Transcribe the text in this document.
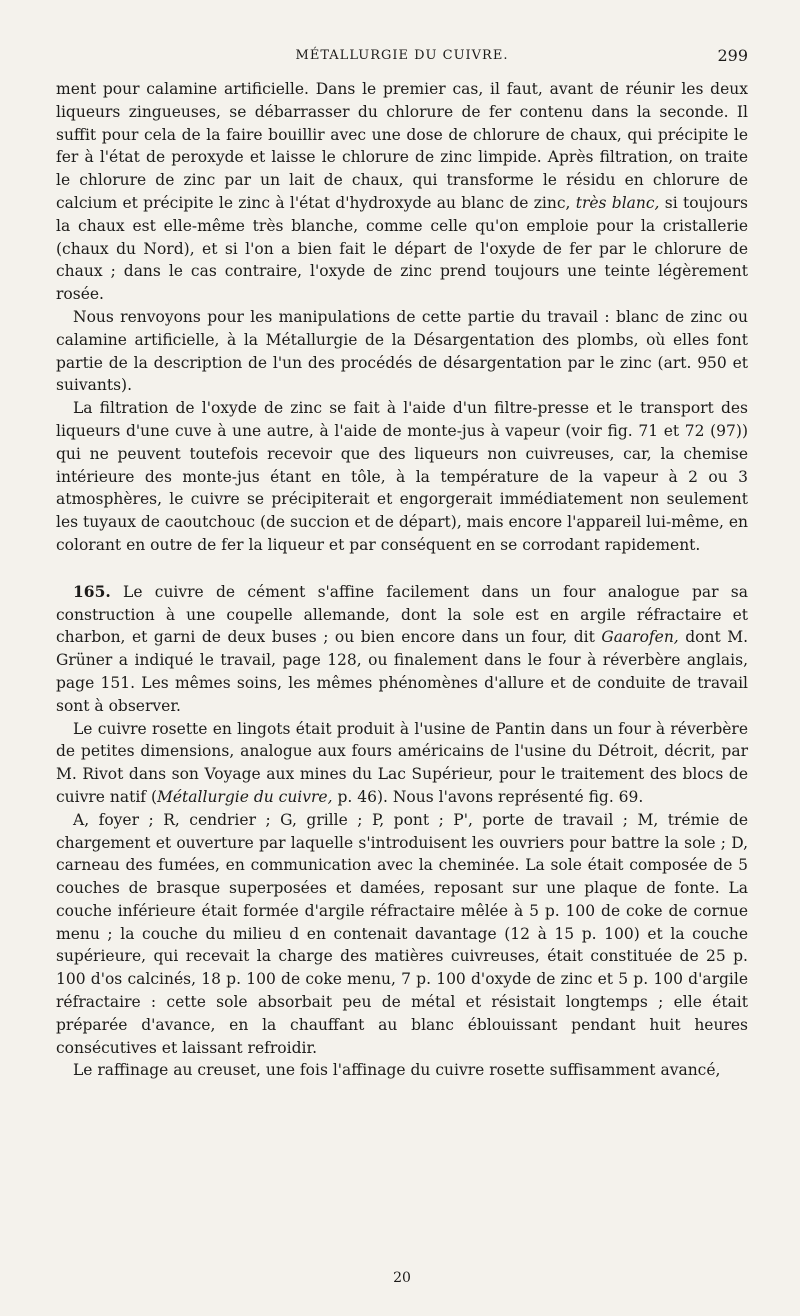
MÉTALLURGIE DU CUIVRE.	299

ment pour calamine artificielle. Dans le premier cas, il faut, avant de réunir les deux liqueurs zingueuses, se débarrasser du chlorure de fer contenu dans la seconde. Il suffit pour cela de la faire bouillir avec une dose de chlorure de chaux, qui précipite le fer à l'état de peroxyde et laisse le chlorure de zinc limpide. Après filtration, on traite le chlorure de zinc par un lait de chaux, qui transforme le résidu en chlorure de calcium et précipite le zinc à l'état d'hydroxyde au blanc de zinc, très blanc, si toujours la chaux est elle-même très blanche, comme celle qu'on emploie pour la cristallerie (chaux du Nord), et si l'on a bien fait le départ de l'oxyde de fer par le chlorure de chaux ; dans le cas contraire, l'oxyde de zinc prend toujours une teinte légèrement rosée.

Nous renvoyons pour les manipulations de cette partie du travail : blanc de zinc ou calamine artificielle, à la Métallurgie de la Désargentation des plombs, où elles font partie de la description de l'un des procédés de désargentation par le zinc (art. 950 et suivants).

La filtration de l'oxyde de zinc se fait à l'aide d'un filtre-presse et le transport des liqueurs d'une cuve à une autre, à l'aide de monte-jus à vapeur (voir fig. 71 et 72 (97)) qui ne peuvent toutefois recevoir que des liqueurs non cuivreuses, car, la chemise intérieure des monte-jus étant en tôle, à la température de la vapeur à 2 ou 3 atmosphères, le cuivre se précipiterait et engorgerait immédiatement non seulement les tuyaux de caoutchouc (de succion et de départ), mais encore l'appareil lui-même, en colorant en outre de fer la liqueur et par conséquent en se corrodant rapidement.

165. Le cuivre de cément s'affine facilement dans un four analogue par sa construction à une coupelle allemande, dont la sole est en argile réfractaire et charbon, et garni de deux buses ; ou bien encore dans un four, dit Gaarofen, dont M. Grüner a indiqué le travail, page 128, ou finalement dans le four à réverbère anglais, page 151. Les mêmes soins, les mêmes phénomènes d'allure et de conduite de travail sont à observer.

Le cuivre rosette en lingots était produit à l'usine de Pantin dans un four à réverbère de petites dimensions, analogue aux fours américains de l'usine du Détroit, décrit, par M. Rivot dans son Voyage aux mines du Lac Supérieur, pour le traitement des blocs de cuivre natif (Métallurgie du cuivre, p. 46). Nous l'avons représenté fig. 69.

A, foyer ; R, cendrier ; G, grille ; P, pont ; P', porte de travail ; M, trémie de chargement et ouverture par laquelle s'introduisent les ouvriers pour battre la sole ; D, carneau des fumées, en communication avec la cheminée. La sole était composée de 5 couches de brasque superposées et damées, reposant sur une plaque de fonte. La couche inférieure était formée d'argile réfractaire mêlée à 5 p. 100 de coke de cornue menu ; la couche du milieu d en contenait davantage (12 à 15 p. 100) et la couche supérieure, qui recevait la charge des matières cuivreuses, était constituée de 25 p. 100 d'os calcinés, 18 p. 100 de coke menu, 7 p. 100 d'oxyde de zinc et 5 p. 100 d'argile réfractaire : cette sole absorbait peu de métal et résistait longtemps ; elle était préparée d'avance, en la chauffant au blanc éblouissant pendant huit heures consécutives et laissant refroidir.

Le raffinage au creuset, une fois l'affinage du cuivre rosette suffisamment avancé,

20
